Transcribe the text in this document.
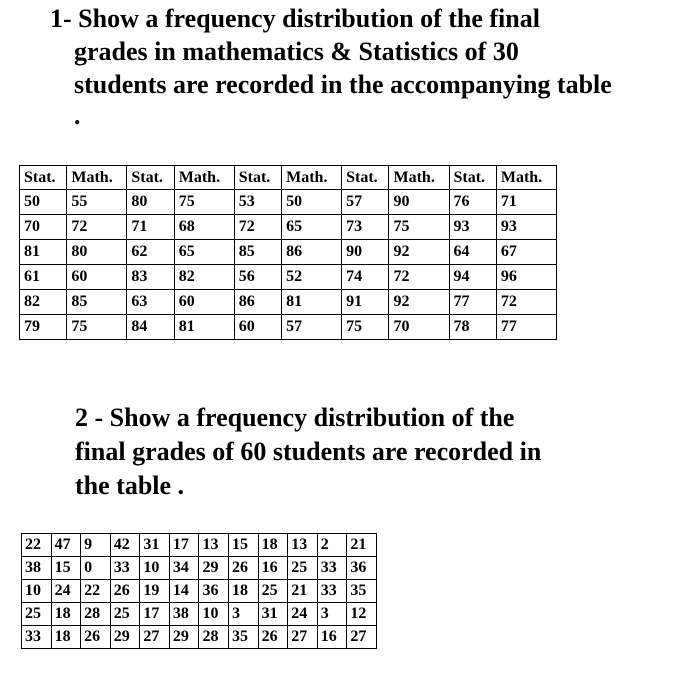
1- Show a frequency distribution of the final
grades in mathematics & Statistics of 30
students are recorded in the accompanying table
.
Stat.	Math.	Stat.	Math.	Stat.	Math.	Stat.	Math.	Stat.	Math.
50	55	80	75	53	50	57	90	76	71
70	72	71	68	72	65	73	75	93	93
81	80	62	65	85	86	90	92	64	67
61	60	83	82	56	52	74	72	94	96
82	85	63	60	86	81	91	92	77	72
79	75	84	81	60	57	75	70	78	77
2 - Show a frequency distribution of the
final grades of 60 students are recorded in
the table .
22	47	9	42	31	17	13	15	18	13	2	21
38	15	0	33	10	34	29	26	16	25	33	36
10	24	22	26	19	14	36	18	25	21	33	35
25	18	28	25	17	38	10	3	31	24	3	12
33	18	26	29	27	29	28	35	26	27	16	27
